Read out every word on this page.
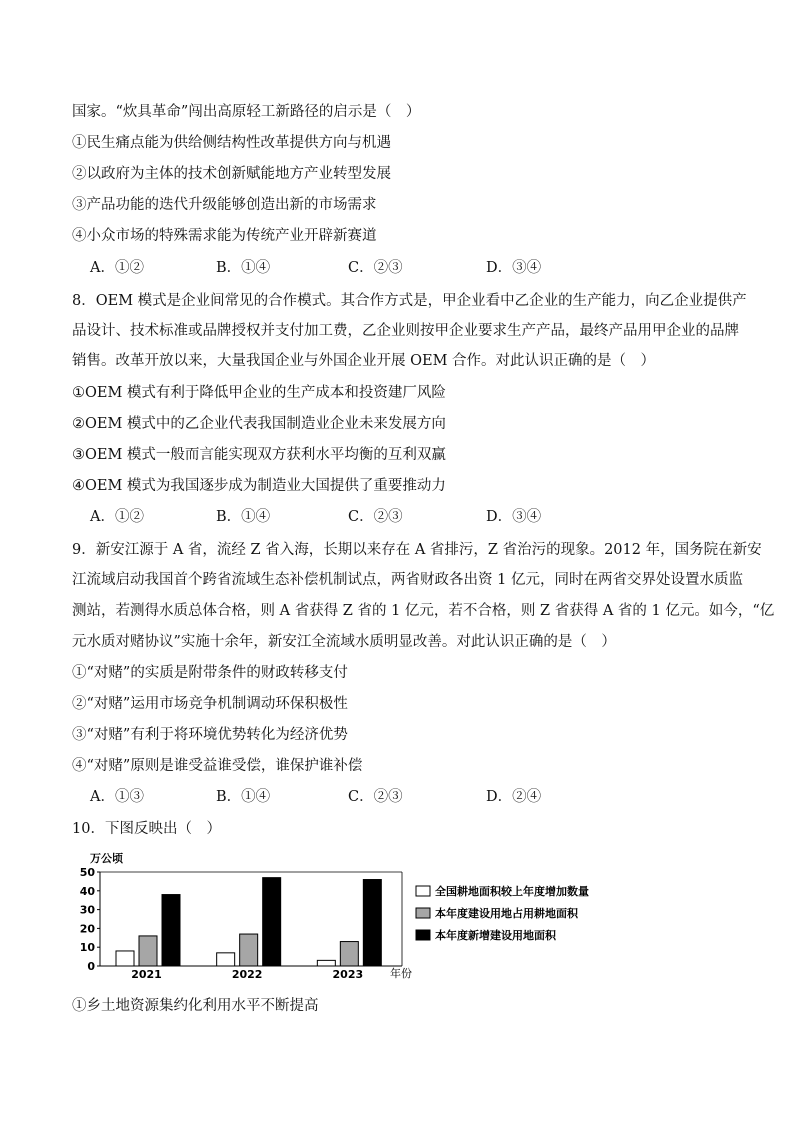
国家。“炊具革命”闯出高原轻工新路径的启示是（　）
①民生痛点能为供给侧结构性改革提供方向与机遇
②以政府为主体的技术创新赋能地方产业转型发展
③产品功能的迭代升级能够创造出新的市场需求
④小众市场的特殊需求能为传统产业开辟新赛道
A．①②	B．①④	C．②③	D．③④
8．OEM 模式是企业间常见的合作模式。其合作方式是，甲企业看中乙企业的生产能力，向乙企业提供产
品设计、技术标准或品牌授权并支付加工费，乙企业则按甲企业要求生产产品，最终产品用甲企业的品牌
销售。改革开放以来，大量我国企业与外国企业开展 OEM 合作。对此认识正确的是（　）
①OEM 模式有利于降低甲企业的生产成本和投资建厂风险
②OEM 模式中的乙企业代表我国制造业企业未来发展方向
③OEM 模式一般而言能实现双方获利水平均衡的互利双赢
④OEM 模式为我国逐步成为制造业大国提供了重要推动力
A．①②	B．①④	C．②③	D．③④
9．新安江源于 A 省，流经 Z 省入海，长期以来存在 A 省排污，Z 省治污的现象。2012 年，国务院在新安
江流域启动我国首个跨省流域生态补偿机制试点，两省财政各出资 1 亿元，同时在两省交界处设置水质监
测站，若测得水质总体合格，则 A 省获得 Z 省的 1 亿元，若不合格，则 Z 省获得 A 省的 1 亿元。如今，“亿
元水质对赌协议”实施十余年，新安江全流域水质明显改善。对此认识正确的是（　）
①“对赌”的实质是附带条件的财政转移支付
②“对赌”运用市场竞争机制调动环保积极性
③“对赌”有利于将环境优势转化为经济优势
④“对赌”原则是谁受益谁受偿，谁保护谁补偿
A．①③	B．①④	C．②③	D．②④
10．下图反映出（　）
万公顷
年份
0
10
20
30
40
50
2021	2022	2023
全国耕地面积较上年度增加数量
本年度建设用地占用耕地面积
本年度新增建设用地面积
①乡土地资源集约化利用水平不断提高
